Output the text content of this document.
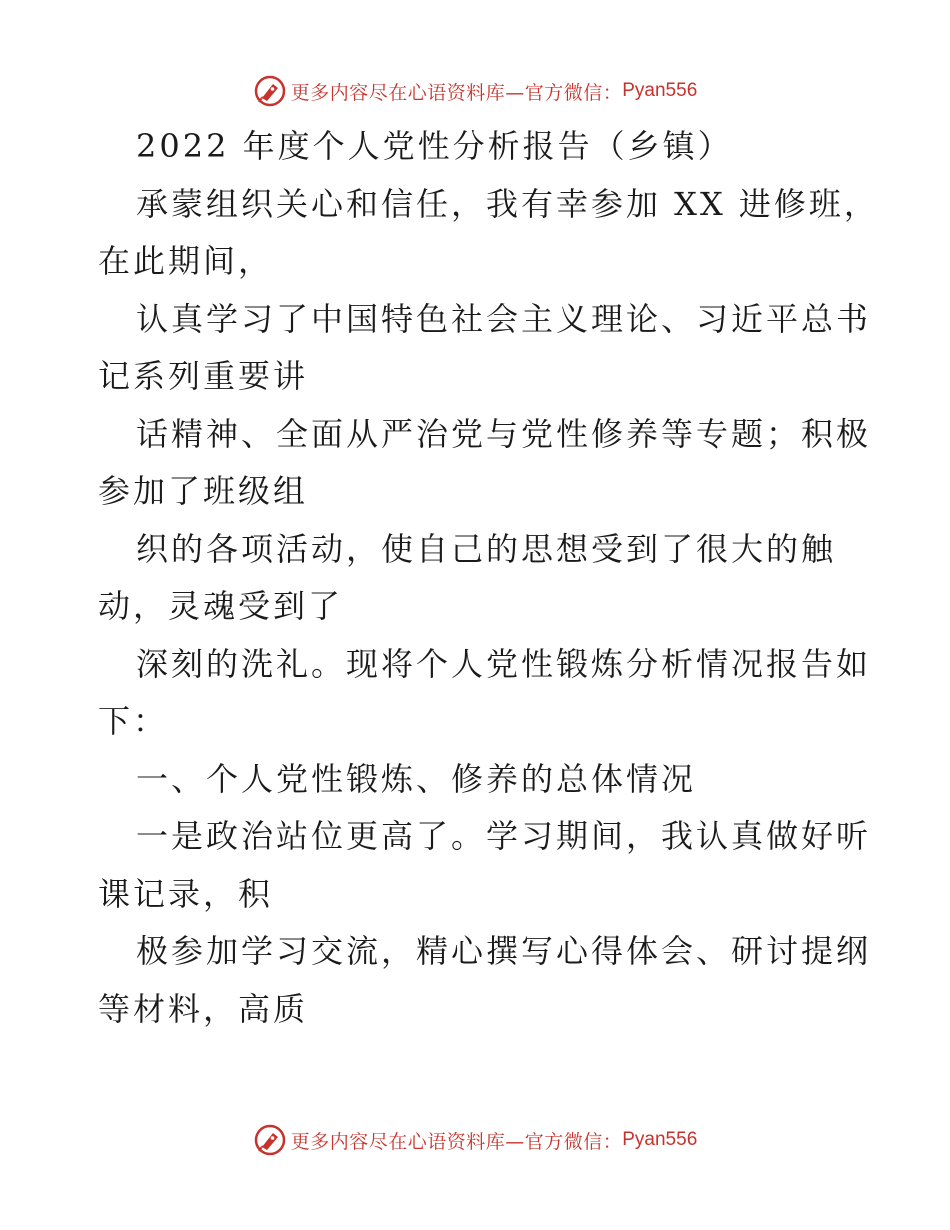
更多内容尽在心语资料库—官方微信： Pyan556
2022 年度个人党性分析报告（乡镇）
承蒙组织关心和信任，我有幸参加 XX 进修班，
在此期间，
认真学习了中国特色社会主义理论、习近平总书
记系列重要讲
话精神、全面从严治党与党性修养等专题；积极
参加了班级组
织的各项活动，使自己的思想受到了很大的触
动，灵魂受到了
深刻的洗礼。现将个人党性锻炼分析情况报告如
下：
一、个人党性锻炼、修养的总体情况
一是政治站位更高了。学习期间，我认真做好听
课记录，积
极参加学习交流，精心撰写心得体会、研讨提纲
等材料，高质
更多内容尽在心语资料库—官方微信： Pyan556
